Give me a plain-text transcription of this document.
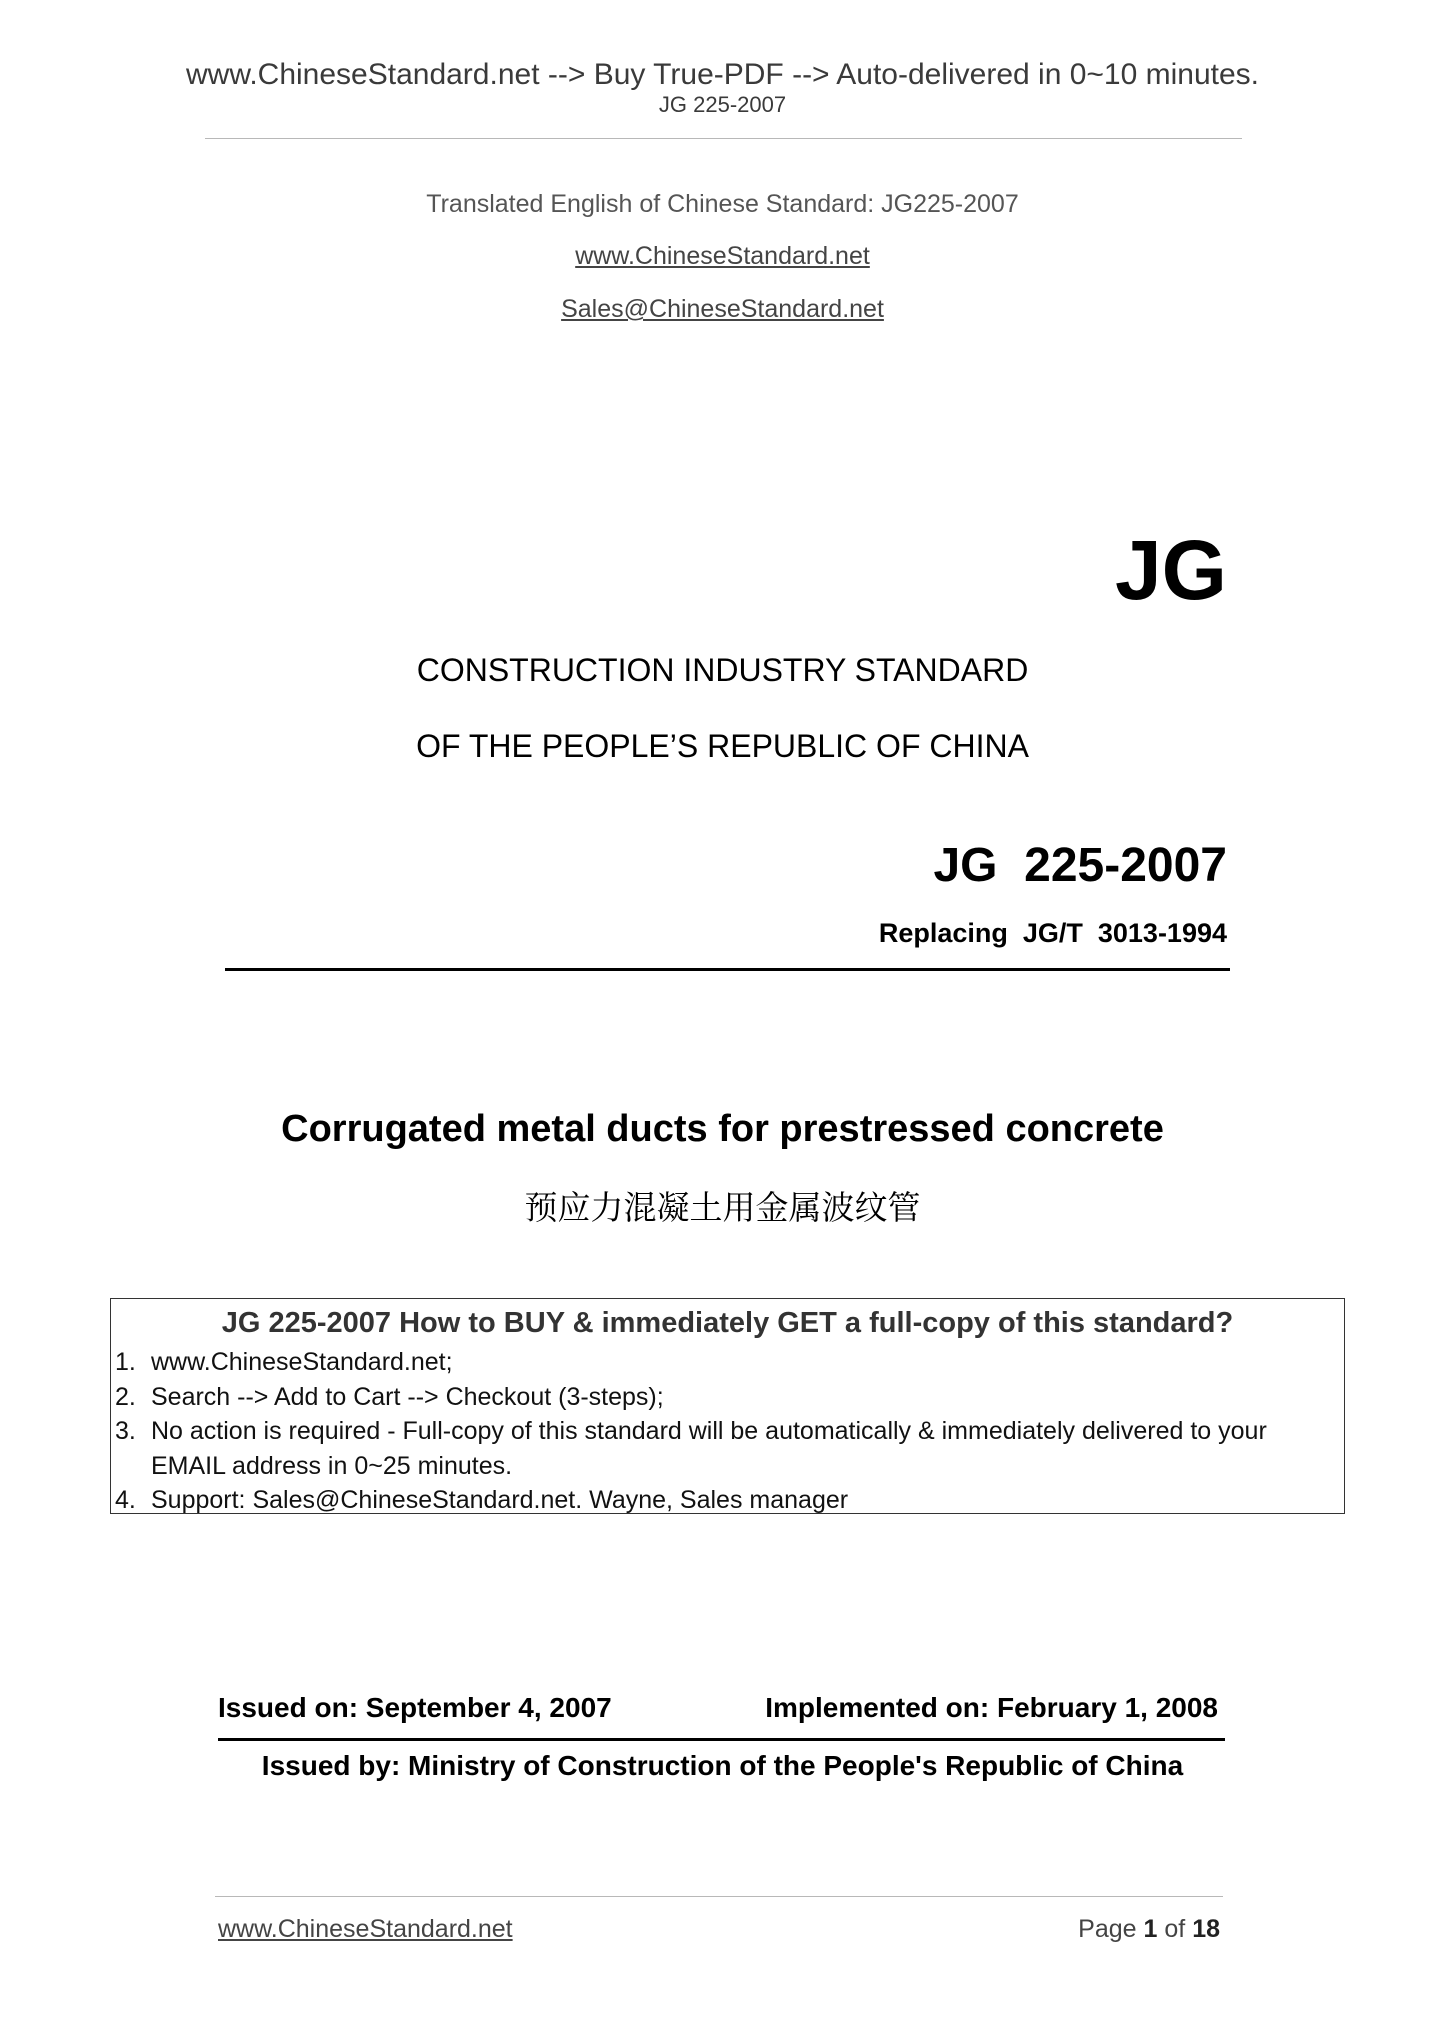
www.ChineseStandard.net --> Buy True-PDF --> Auto-delivered in 0~10 minutes.
JG 225-2007
Translated English of Chinese Standard: JG225-2007
www.ChineseStandard.net
Sales@ChineseStandard.net
JG
CONSTRUCTION INDUSTRY STANDARD
OF THE PEOPLE’S REPUBLIC OF CHINA
JG  225-2007
Replacing  JG/T  3013-1994
Corrugated metal ducts for prestressed concrete
预应力混凝土用金属波纹管
JG 225-2007 How to BUY & immediately GET a full-copy of this standard?
1. www.ChineseStandard.net;
2. Search --> Add to Cart --> Checkout (3-steps);
3. No action is required - Full-copy of this standard will be automatically & immediately delivered to your EMAIL address in 0~25 minutes.
4. Support: Sales@ChineseStandard.net. Wayne, Sales manager
Issued on: September 4, 2007	Implemented on: February 1, 2008
Issued by: Ministry of Construction of the People's Republic of China
www.ChineseStandard.net	Page 1 of 18
